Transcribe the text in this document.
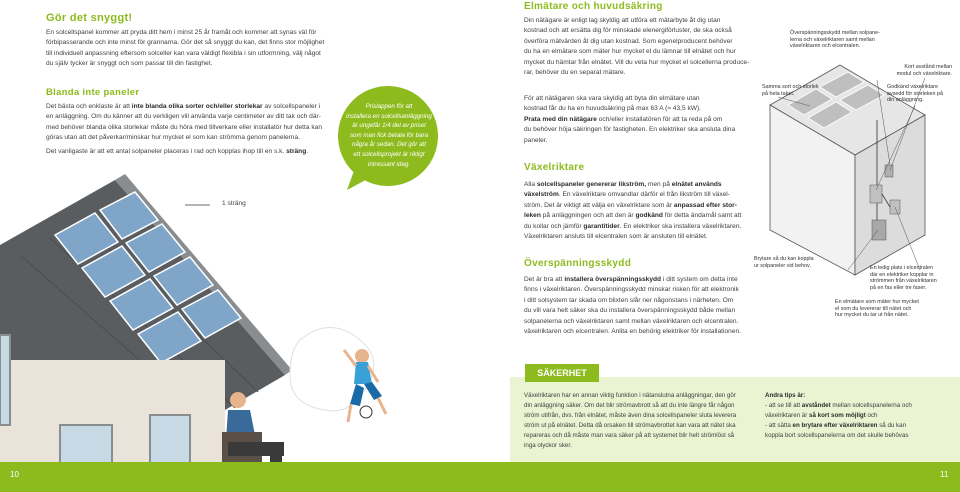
Gör det snyggt!
En solcellspanel kommer att pryda ditt hem i minst 25 år framåt och kommer att synas väl för
förbipasserande och inte minst för grannarna. Gör det så snyggt du kan, det finns stor möjlighet
till individuell anpassning eftersom solceller kan vara väldigt flexibla i sin utformning, välj något
du själv tycker är snyggt och som passar till din fastighet.
Blanda inte paneler
Det bästa och enklaste är att inte blanda olika sorter och/eller storlekar av solcellspaneler i
en anläggning. Om du känner att du verkligen vill använda varje centimeter av ditt tak och där-
med behöver blanda olika storlekar måste du höra med tillverkare eller installatör hur detta kan
göras utan att det påverkar/minskar hur mycket el som kan strömma genom panelerna.
Det vanligaste är att ett antal solpaneler placeras i rad och kopplas ihop till en s.k. sträng.
Prislappen för att
installera en solcellsanläggning
är ungefär 1/4 del av priset
som man fick betala för bara
några år sedan. Det gör att
ett solcellsprojekt är riktigt
intressant idag.
1 sträng
10
Elmätare och huvudsäkring
Din nätägare är enligt lag skyldig att utföra ett mätarbyte åt dig utan
kostnad och att ersätta dig för minskade elenergiförluster, de ska också
överföra mätvärden åt dig utan kostnad. Som egenelproducent behöver
du ha en elmätare som mäter hur mycket el du lämnar till elnätet och hur
mycket du hämtar från elnätet. Vill du veta hur mycket el solcellerna produce-
rar, behöver du en separat mätare.
För att nätägaren ska vara skyldig att byta din elmätare utan
kostnad får du ha en huvudsäkring på max 63 A (≈ 43,5 kW).
Prata med din nätägare och/eller installatören för att ta reda på om
du behöver höja säkringen för fastigheten. En elektriker ska ansluta dina
paneler.
Växelriktare
Alla solcellspaneler genererar likström, men på elnätet används
växelström. En växelriktare omvandlar därför el från likström till växel-
ström. Det är viktigt att välja en växelriktare som är anpassad efter stor-
leken på anläggningen och att den är godkänd för detta ändamål samt att
du kollar och jämför garantitider. En elektriker ska installera växelriktaren.
Växelriktaren ansluts till elcentralen som är ansluten till elnätet.
Överspänningsskydd
Det är bra att installera överspänningsskydd i ditt system om detta inte
finns i växelriktaren. Överspänningsskydd minskar risken för att elektronik
i ditt solsystem tar skada om blixten slår ner någonstans i närheten. Om
du vill vara helt säker ska du installera överspänningsskydd både mellan
solpanelerna och växelriktaren samt mellan växelriktaren och elcentralen.
växelriktaren och elcentralen. Anlita en behörig elektriker för installationen.
Överspänningsskydd mellan solpane-
lerna och växelriktaren samt mellan
växelriktaren och elcentralen.
Kort avstånd mellan
modul och växelriktare.
Samma sort och storlek
på hela taket.
Godkänd växelriktare
avsedd för storleken på
din anläggning.
Brytare så du kan koppla
ur solpaneler vid behov.	En ledig plats i elcentralen
där en elektriker kopplar in
strömmen från växelriktaren
på en fas eller tre faser.
En elmätare som mäter hur mycket
el som du levererar till nätet och
hur mycket du tar ut från nätet.
SÄKERHET
Växelriktaren har en annan viktig funktion i nätanslutna anläggningar, den gör
din anläggning säker. Om det blir strömavbrott så att du inte längre får någon
ström utifrån, dvs. från elnätet, måste även dina solcellspaneler sluta leverera
ström ut på elnätet. Detta då orsaken till strömavbrottet kan vara att nätet ska
repareras och då måste man vara säker på att systemet blir helt strömlöst så
inga olyckor sker.
Andra tips är:
- att se till att avståndet mellan solcellspanelerna och
växelriktaren är så kort som möjligt och
- att sätta en brytare efter växelriktaren så du kan
koppla bort solcellspanelerna om det skulle behövas
11
